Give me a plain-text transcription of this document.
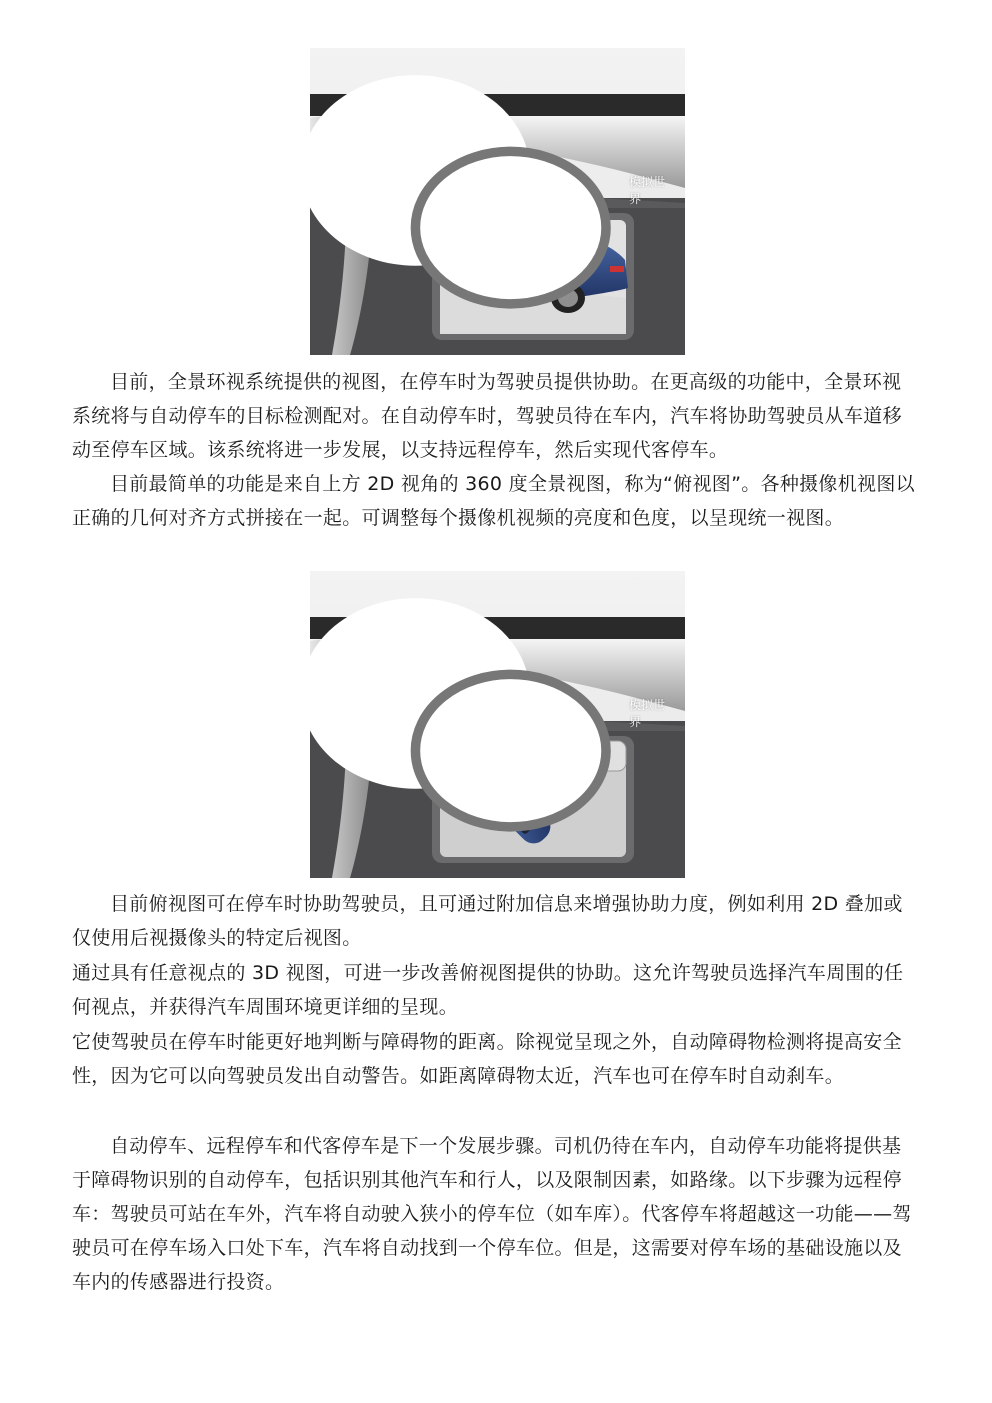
模拟世界

目前，全景环视系统提供的视图，在停车时为驾驶员提供协助。在更高级的功能中，全景环视系统将与自动停车的目标检测配对。在自动停车时，驾驶员待在车内，汽车将协助驾驶员从车道移动至停车区域。该系统将进一步发展，以支持远程停车，然后实现代客停车。

目前最简单的功能是来自上方 2D 视角的 360 度全景视图，称为“俯视图”。各种摄像机视图以正确的几何对齐方式拼接在一起。可调整每个摄像机视频的亮度和色度，以呈现统一视图。

模拟世界

目前俯视图可在停车时协助驾驶员，且可通过附加信息来增强协助力度，例如利用 2D 叠加或仅使用后视摄像头的特定后视图。

通过具有任意视点的 3D 视图，可进一步改善俯视图提供的协助。这允许驾驶员选择汽车周围的任何视点，并获得汽车周围环境更详细的呈现。

它使驾驶员在停车时能更好地判断与障碍物的距离。除视觉呈现之外，自动障碍物检测将提高安全性，因为它可以向驾驶员发出自动警告。如距离障碍物太近，汽车也可在停车时自动刹车。

自动停车、远程停车和代客停车是下一个发展步骤。司机仍待在车内，自动停车功能将提供基于障碍物识别的自动停车，包括识别其他汽车和行人，以及限制因素，如路缘。以下步骤为远程停车：驾驶员可站在车外，汽车将自动驶入狭小的停车位（如车库）。代客停车将超越这一功能——驾驶员可在停车场入口处下车，汽车将自动找到一个停车位。但是，这需要对停车场的基础设施以及车内的传感器进行投资。
